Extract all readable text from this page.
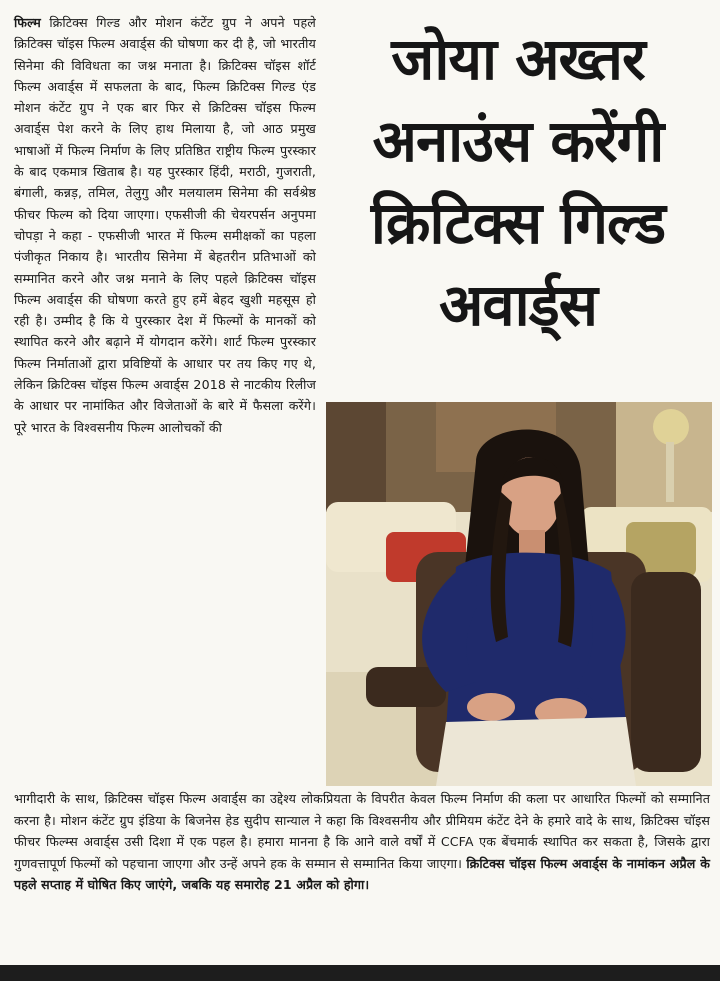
फिल्म क्रिटिक्स गिल्ड और मोशन कंटेंट ग्रुप ने अपने पहले क्रिटिक्स चॉइस फिल्म अवार्ड्स की घोषणा कर दी है, जो भारतीय सिनेमा की विविधता का जश्न मनाता है। क्रिटिक्स चॉइस शॉर्ट फिल्म अवार्ड्स में सफलता के बाद, फिल्म क्रिटिक्स गिल्ड एंड मोशन कंटेंट ग्रुप ने एक बार फिर से क्रिटिक्स चॉइस फिल्म अवार्ड्स पेश करने के लिए हाथ मिलाया है, जो आठ प्रमुख भाषाओं में फिल्म निर्माण के लिए प्रतिष्ठित राष्ट्रीय फिल्म पुरस्कार के बाद एकमात्र खिताब है। यह पुरस्कार हिंदी, मराठी, गुजराती, बंगाली, कन्नड़, तमिल, तेलुगु और मलयालम सिनेमा की सर्वश्रेष्ठ फीचर फिल्म को दिया जाएगा। एफसीजी की चेयरपर्सन अनुपमा चोपड़ा ने कहा - एफसीजी भारत में फिल्म समीक्षकों का पहला पंजीकृत निकाय है। भारतीय सिनेमा में बेहतरीन प्रतिभाओं को सम्मानित करने और जश्न मनाने के लिए पहले क्रिटिक्स चॉइस फिल्म अवार्ड्स की घोषणा करते हुए हमें बेहद खुशी महसूस हो रही है। उम्मीद है कि ये पुरस्कार देश में फिल्मों के मानकों को स्थापित करने और बढ़ाने में योगदान करेंगे। शार्ट फिल्म पुरस्कार फिल्म निर्माताओं द्वारा प्रविष्टियों के आधार पर तय किए गए थे, लेकिन क्रिटिक्स चॉइस फिल्म अवार्ड्स 2018 से नाटकीय रिलीज के आधार पर नामांकित और विजेताओं के बारे में फैसला करेंगे। पूरे भारत के विश्वसनीय फिल्म आलोचकों की

जोया अख्तर
अनाउंस करेंगी
क्रिटिक्स गिल्ड
अवार्ड्स

भागीदारी के साथ, क्रिटिक्स चॉइस फिल्म अवार्ड्स का उद्देश्य लोकप्रियता के विपरीत केवल फिल्म निर्माण की कला पर आधारित फिल्मों को सम्मानित करना है। मोशन कंटेंट ग्रुप इंडिया के बिजनेस हेड सुदीप सान्याल ने कहा कि विश्वसनीय और प्रीमियम कंटेंट देने के हमारे वादे के साथ, क्रिटिक्स चॉइस फीचर फिल्म्स अवार्ड्स उसी दिशा में एक पहल है। हमारा मानना है कि आने वाले वर्षों में CCFA एक बेंचमार्क स्थापित कर सकता है, जिसके द्वारा गुणवत्तापूर्ण फिल्मों को पहचाना जाएगा और उन्हें अपने हक के सम्मान से सम्मानित किया जाएगा। क्रिटिक्स चॉइस फिल्म अवार्ड्स के नामांकन अप्रैल के पहले सप्ताह में घोषित किए जाएंगे, जबकि यह समारोह 21 अप्रैल को होगा।
